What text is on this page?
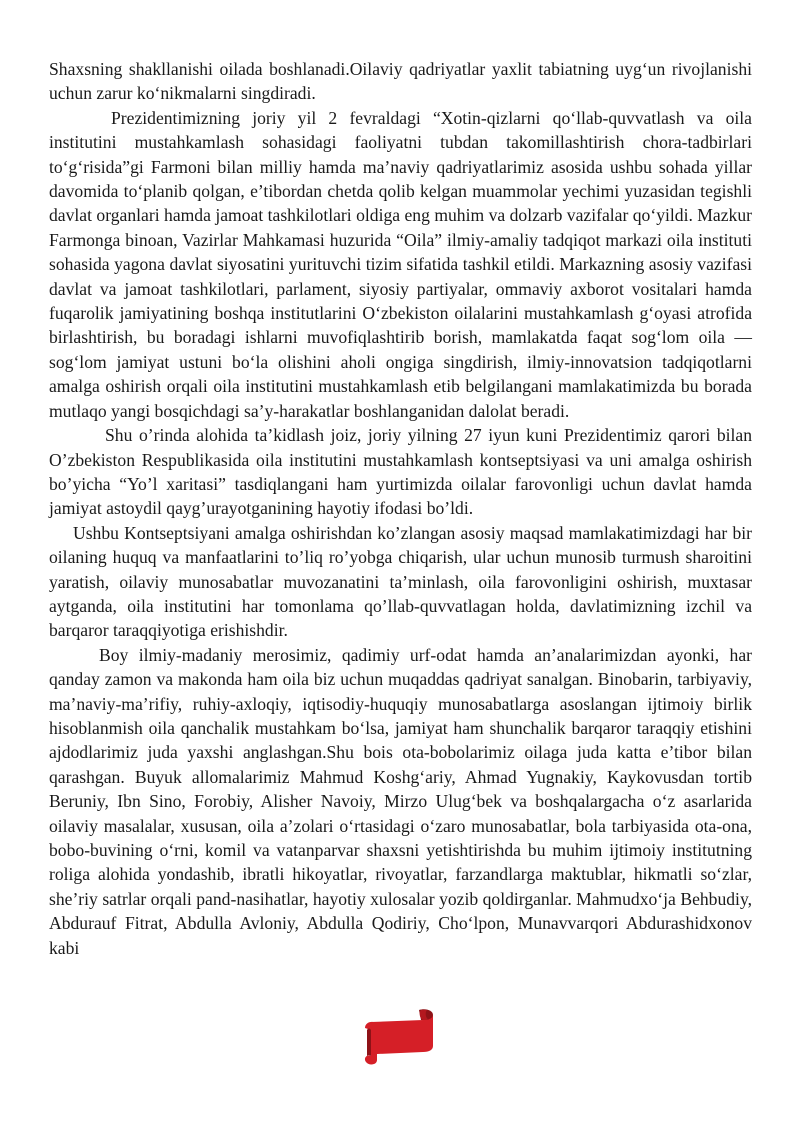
Shaxsning shakllanishi oilada boshlanadi.Oilaviy qadriyatlar yaxlit tabiatning uyg‘un rivojlanishi uchun zarur ko‘nikmalarni singdiradi.

Prezidentimizning joriy yil 2 fevraldagi “Xotin-qizlarni qo‘llab-quvvatlash va oila institutini mustahkamlash sohasidagi faoliyatni tubdan takomillashtirish chora-tadbirlari to‘g‘risida”gi Farmoni bilan milliy hamda ma’naviy qadriyatlarimiz asosida ushbu sohada yillar davomida to‘planib qolgan, e’tibordan chetda qolib kelgan muammolar yechimi yuzasidan tegishli davlat organlari hamda jamoat tashkilotlari oldiga eng muhim va dolzarb vazifalar qo‘yildi. Mazkur Farmonga binoan, Vazirlar Mahkamasi huzurida “Oila” ilmiy-amaliy tadqiqot markazi oila instituti sohasida yagona davlat siyosatini yurituvchi tizim sifatida tashkil etildi. Markazning asosiy vazifasi davlat va jamoat tashkilotlari, parlament, siyosiy partiyalar, ommaviy axborot vositalari hamda fuqarolik jamiyatining boshqa institutlarini O‘zbekiston oilalarini mustahkamlash g‘oyasi atrofida birlashtirish, bu boradagi ishlarni muvofiqlashtirib borish, mamlakatda faqat sog‘lom oila — sog‘lom jamiyat ustuni bo‘la olishini aholi ongiga singdirish, ilmiy-innovatsion tadqiqotlarni amalga oshirish orqali oila institutini mustahkamlash etib belgilangani mamlakatimizda bu borada mutlaqo yangi bosqichdagi sa’y-harakatlar boshlanganidan dalolat beradi.

Shu o’rinda alohida ta’kidlash joiz, joriy yilning 27 iyun kuni Prezidentimiz qarori bilan O’zbekiston Respublikasida oila institutini mustahkamlash kontseptsiyasi va uni amalga oshirish bo’yicha “Yo’l xaritasi” tasdiqlangani ham yurtimizda oilalar farovonligi uchun davlat hamda jamiyat astoydil qayg’urayotganining hayotiy ifodasi bo’ldi.

Ushbu Kontseptsiyani amalga oshirishdan ko’zlangan asosiy maqsad mamlakatimizdagi har bir oilaning huquq va manfaatlarini to’liq ro’yobga chiqarish, ular uchun munosib turmush sharoitini yaratish, oilaviy munosabatlar muvozanatini ta’minlash, oila farovonligini oshirish, muxtasar aytganda, oila institutini har tomonlama qo’llab-quvvatlagan holda, davlatimizning izchil va barqaror taraqqiyotiga erishishdir.

Boy ilmiy-madaniy merosimiz, qadimiy urf-odat hamda an’analarimizdan ayonki, har qanday zamon va makonda ham oila biz uchun muqaddas qadriyat sanalgan. Binobarin, tarbiyaviy, ma’naviy-ma’rifiy, ruhiy-axloqiy, iqtisodiy-huquqiy munosabatlarga asoslangan ijtimoiy birlik hisoblanmish oila qanchalik mustahkam bo‘lsa, jamiyat ham shunchalik barqaror taraqqiy etishini ajdodlarimiz juda yaxshi anglashgan.Shu bois ota-bobolarimiz oilaga juda katta e’tibor bilan qarashgan. Buyuk allomalarimiz Mahmud Koshg‘ariy, Ahmad Yugnakiy, Kaykovusdan tortib Beruniy, Ibn Sino, Forobiy, Alisher Navoiy, Mirzo Ulug‘bek va boshqalargacha o‘z asarlarida oilaviy masalalar, xususan, oila a’zolari o‘rtasidagi o‘zaro munosabatlar, bola tarbiyasida ota-ona, bobo-buvining o‘rni, komil va vatanparvar shaxsni yetishtirishda bu muhim ijtimoiy institutning roliga alohida yondashib, ibratli hikoyatlar, rivoyatlar, farzandlarga maktublar, hikmatli so‘zlar, she’riy satrlar orqali pand-nasihatlar, hayotiy xulosalar yozib qoldirganlar. Mahmudxo‘ja Behbudiy, Abdurauf Fitrat, Abdulla Avloniy, Abdulla Qodiriy, Cho‘lpon, Munavvarqori Abdurashidxonov kabi
